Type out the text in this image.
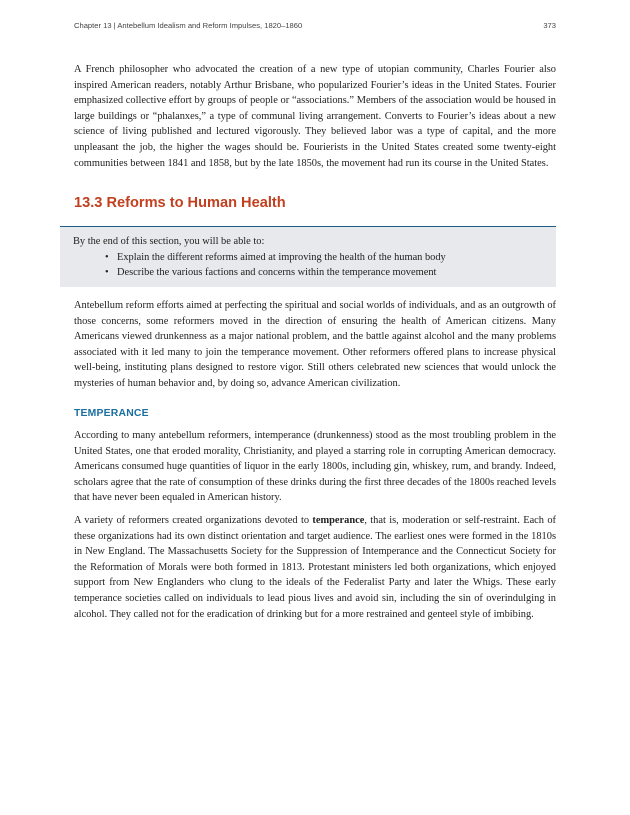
Chapter 13 | Antebellum Idealism and Reform Impulses, 1820–1860	373

A French philosopher who advocated the creation of a new type of utopian community, Charles Fourier also inspired American readers, notably Arthur Brisbane, who popularized Fourier’s ideas in the United States. Fourier emphasized collective effort by groups of people or “associations.” Members of the association would be housed in large buildings or “phalanxes,” a type of communal living arrangement. Converts to Fourier’s ideas about a new science of living published and lectured vigorously. They believed labor was a type of capital, and the more unpleasant the job, the higher the wages should be. Fourierists in the United States created some twenty-eight communities between 1841 and 1858, but by the late 1850s, the movement had run its course in the United States.

13.3 Reforms to Human Health

By the end of this section, you will be able to:

• Explain the different reforms aimed at improving the health of the human body
• Describe the various factions and concerns within the temperance movement

Antebellum reform efforts aimed at perfecting the spiritual and social worlds of individuals, and as an outgrowth of those concerns, some reformers moved in the direction of ensuring the health of American citizens. Many Americans viewed drunkenness as a major national problem, and the battle against alcohol and the many problems associated with it led many to join the temperance movement. Other reformers offered plans to increase physical well-being, instituting plans designed to restore vigor. Still others celebrated new sciences that would unlock the mysteries of human behavior and, by doing so, advance American civilization.

TEMPERANCE

According to many antebellum reformers, intemperance (drunkenness) stood as the most troubling problem in the United States, one that eroded morality, Christianity, and played a starring role in corrupting American democracy. Americans consumed huge quantities of liquor in the early 1800s, including gin, whiskey, rum, and brandy. Indeed, scholars agree that the rate of consumption of these drinks during the first three decades of the 1800s reached levels that have never been equaled in American history.

A variety of reformers created organizations devoted to temperance, that is, moderation or self-restraint. Each of these organizations had its own distinct orientation and target audience. The earliest ones were formed in the 1810s in New England. The Massachusetts Society for the Suppression of Intemperance and the Connecticut Society for the Reformation of Morals were both formed in 1813. Protestant ministers led both organizations, which enjoyed support from New Englanders who clung to the ideals of the Federalist Party and later the Whigs. These early temperance societies called on individuals to lead pious lives and avoid sin, including the sin of overindulging in alcohol. They called not for the eradication of drinking but for a more restrained and genteel style of imbibing.
